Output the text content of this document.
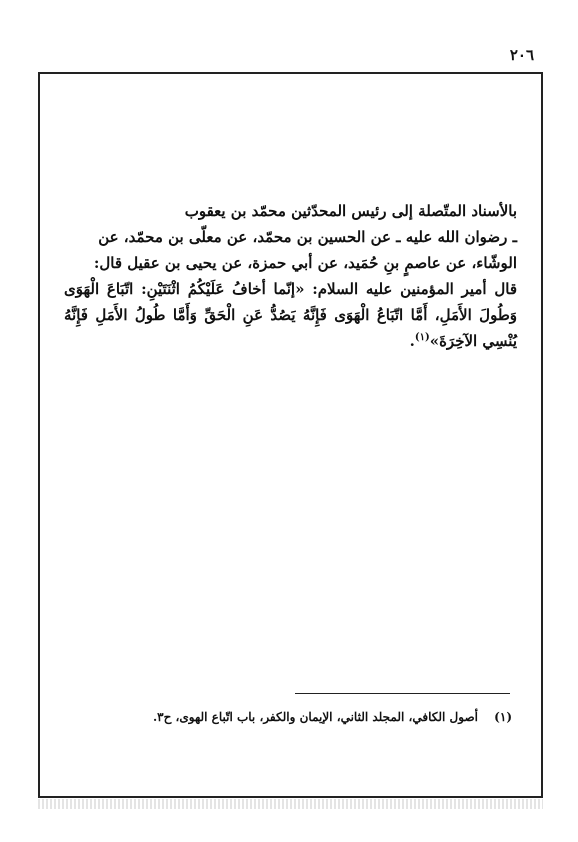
٢٠٦

بالأسناد المتّصلة إلى رئيس المحدّثين محمّد بن يعقوب

ـ رضوان الله عليه ـ عن الحسين بن محمّد، عن معلّى بن محمّد، عن

الوشّاء، عن عاصمٍ بنِ حُمَيد، عن أبي حمزة، عن يحيى بن عقيل قال:

قال أمير المؤمنين عليه السلام: «إنّما أخافُ عَلَيْكُمُ اثْنَتَيْنِ: اتّبَاعَ الْهَوَى وَطُولَ الأَمَلِ، أَمَّا اتّبَاعُ الْهَوَى فَإِنَّهُ يَصُدُّ عَنِ الْحَقِّ وَأَمَّا طُولُ الأَمَلِ فَإِنَّهُ يُنْسِي الآخِرَةَ»$^{(١)}$.

(١) أصول الكافي، المجلد الثاني، الإيمان والكفر، باب اتّباع الهوى، ح٣.
